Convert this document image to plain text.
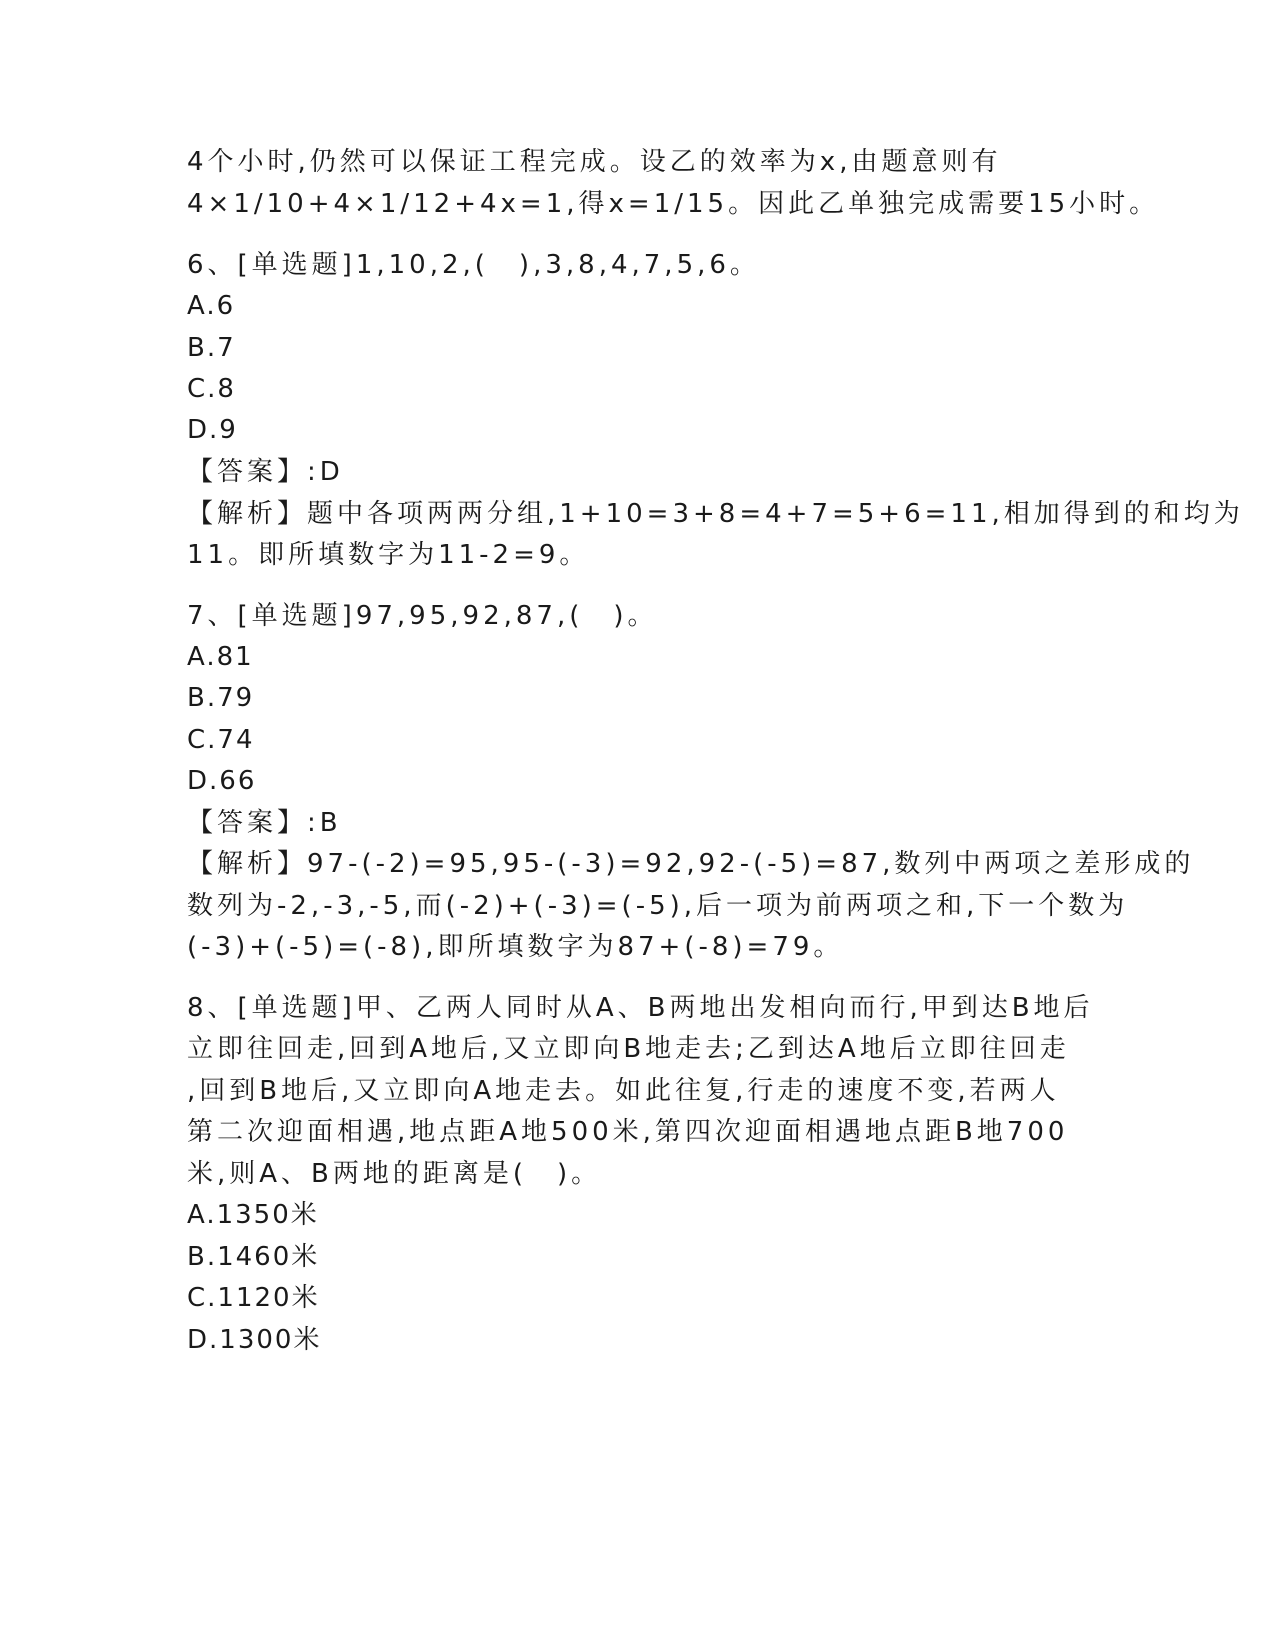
4个小时,仍然可以保证工程完成。设乙的效率为x,由题意则有

4×1/10+4×1/12+4x=1,得x=1/15。因此乙单独完成需要15小时。

6、[单选题]1,10,2,(　),3,8,4,7,5,6。

A.6

B.7

C.8

D.9

【答案】:D

【解析】题中各项两两分组,1+10=3+8=4+7=5+6=11,相加得到的和均为

11。即所填数字为11-2=9。

7、[单选题]97,95,92,87,(　)。

A.81

B.79

C.74

D.66

【答案】:B

【解析】97-(-2)=95,95-(-3)=92,92-(-5)=87,数列中两项之差形成的

数列为-2,-3,-5,而(-2)+(-3)=(-5),后一项为前两项之和,下一个数为

(-3)+(-5)=(-8),即所填数字为87+(-8)=79。

8、[单选题]甲、乙两人同时从A、B两地出发相向而行,甲到达B地后

立即往回走,回到A地后,又立即向B地走去;乙到达A地后立即往回走

,回到B地后,又立即向A地走去。如此往复,行走的速度不变,若两人

第二次迎面相遇,地点距A地500米,第四次迎面相遇地点距B地700

米,则A、B两地的距离是(　)。

A.1350米

B.1460米

C.1120米

D.1300米
